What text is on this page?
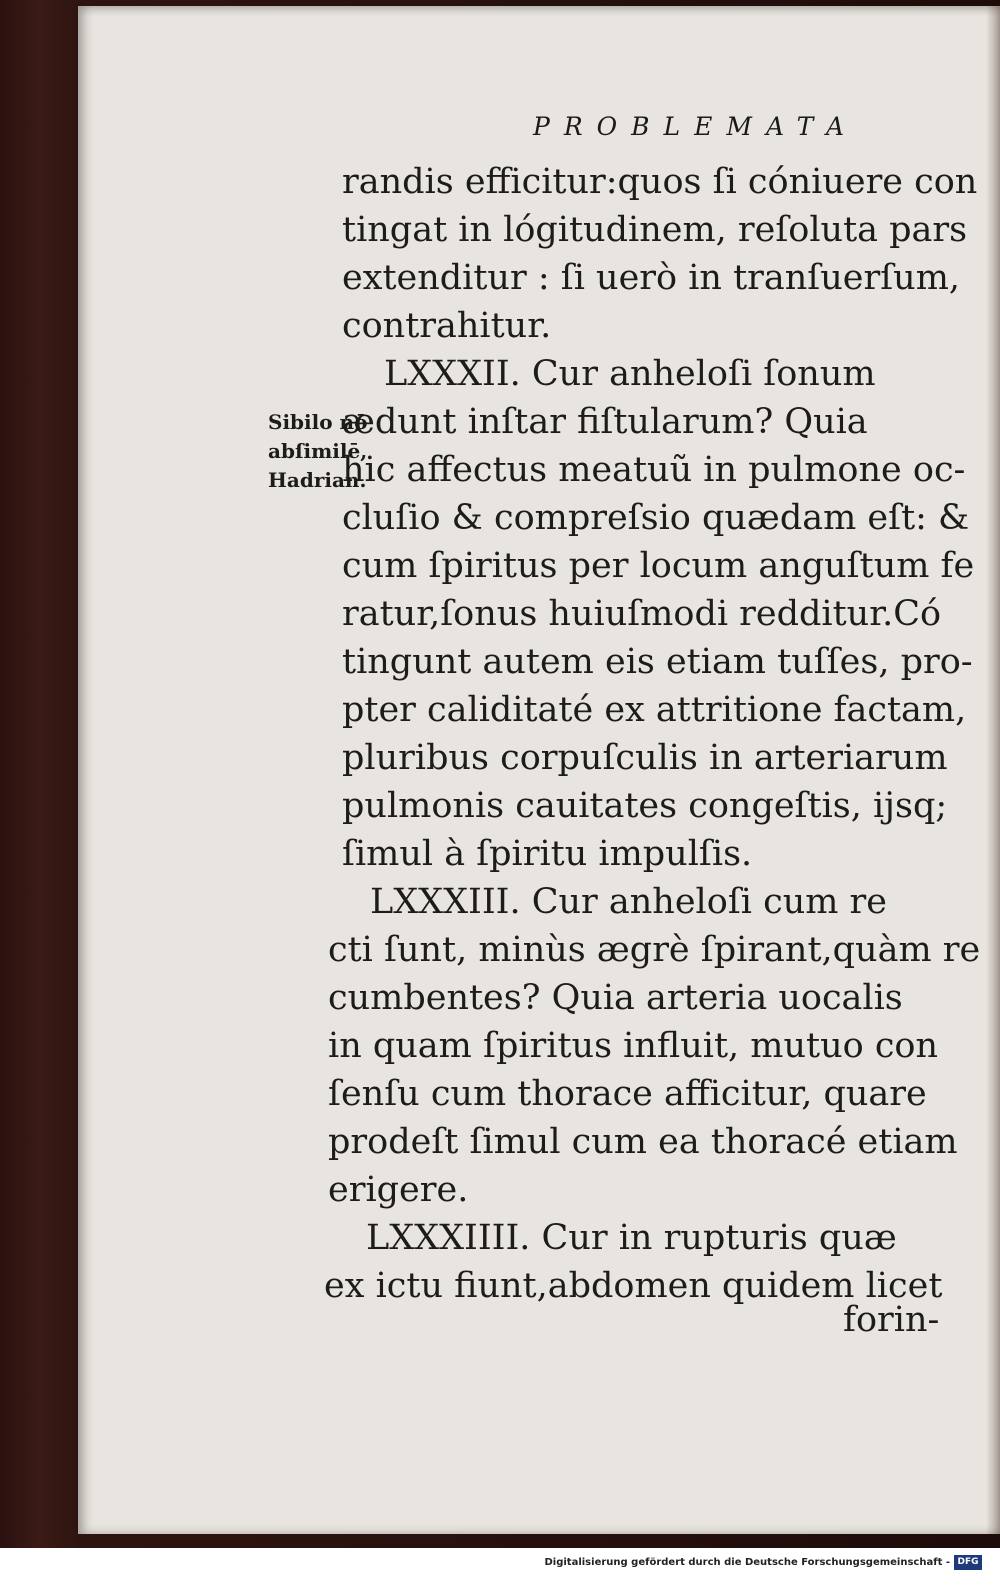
PROBLEMATA
Sibilo nō
abſimilē,
Hadrian.
randis efficitur:quos ſi cóniuere con
tingat in lógitudinem, reſoluta pars
extenditur : ſi uerò in tranſuerſum,
contrahitur.
LXXXII. Cur anheloſi ſonum
ædunt inſtar fiſtularum? Quia
hic affectus meatuũ in pulmone oc-
cluſio & compreſsio quædam eſt: &
cum ſpiritus per locum anguſtum fe
ratur,ſonus huiuſmodi redditur.Có
tingunt autem eis etiam tuſſes, pro-
pter caliditaté ex attritione factam,
pluribus corpuſculis in arteriarum
pulmonis cauitates congeſtis, ijsq;
ſimul à ſpiritu impulſis.
LXXXIII. Cur anheloſi cum re
cti ſunt, minùs ægrè ſpirant,quàm re
cumbentes? Quia arteria uocalis
in quam ſpiritus influit, mutuo con
ſenſu cum thorace afficitur, quare
prodeſt ſimul cum ea thoracé etiam
erigere.
LXXXIIII. Cur in rupturis quæ
ex ictu fiunt,abdomen quidem licet
forin-
Digitalisierung gefördert durch die Deutsche Forschungsgemeinschaft - DFG
